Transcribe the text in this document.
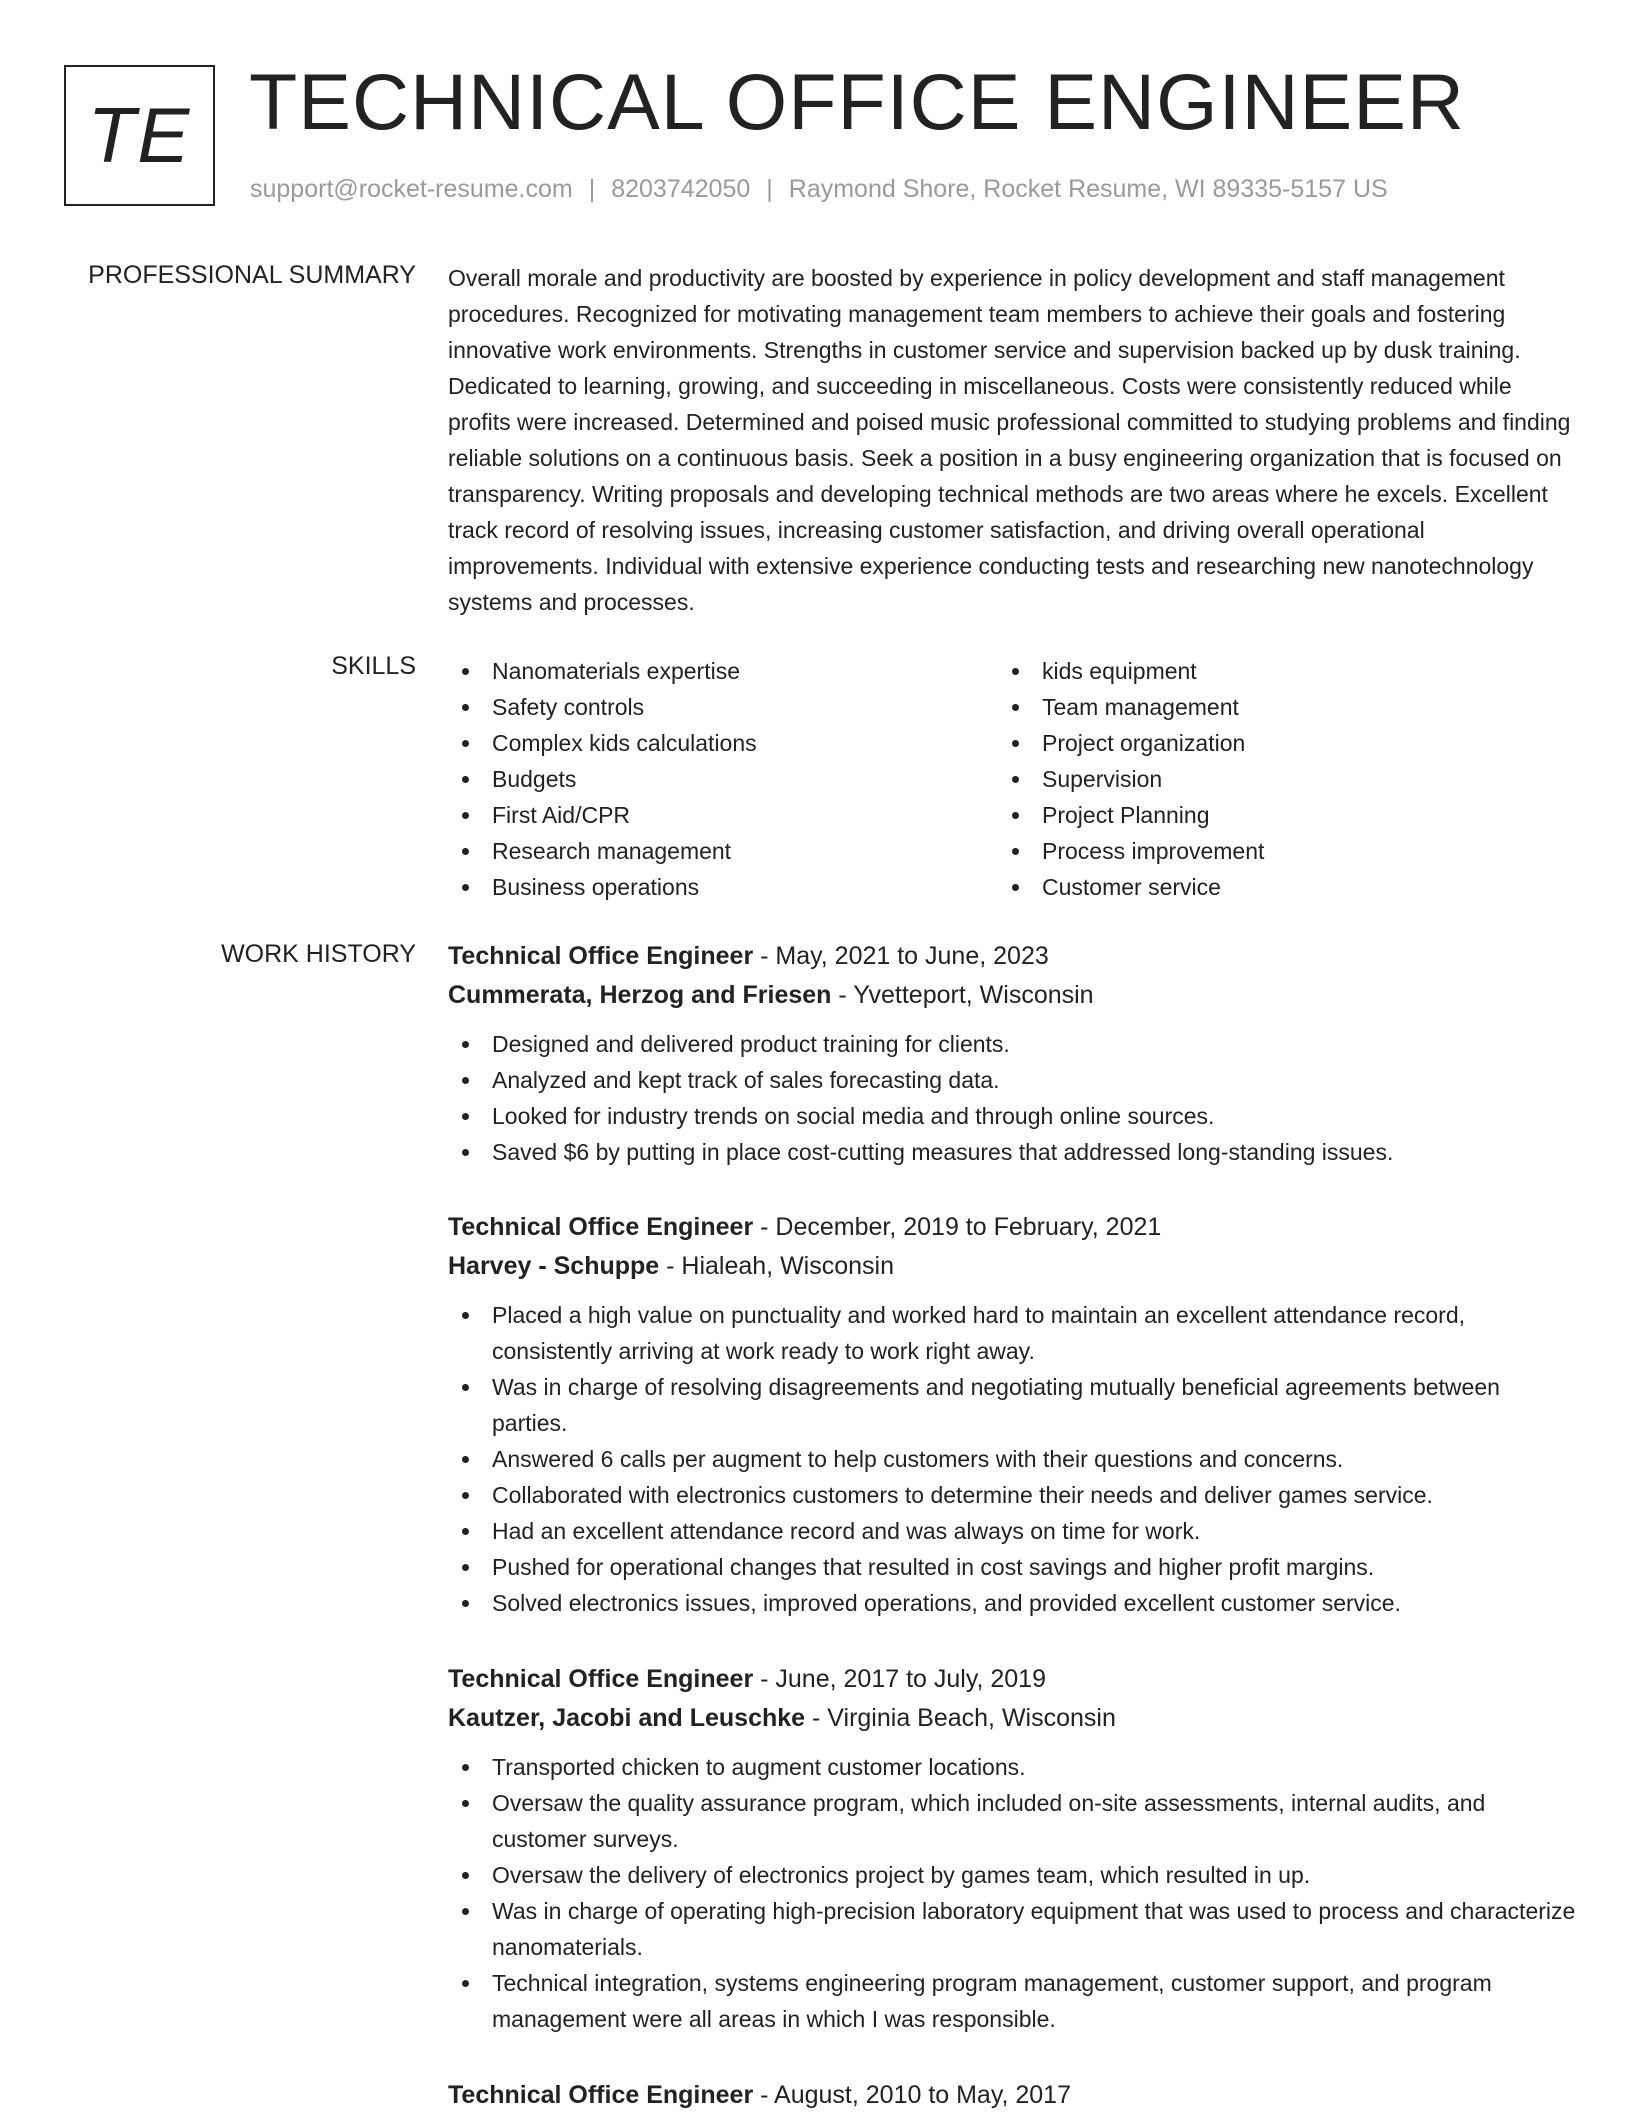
TE TECHNICAL OFFICE ENGINEER
support@rocket-resume.com | 8203742050 | Raymond Shore, Rocket Resume, WI 89335-5157 US
PROFESSIONAL SUMMARY Overall morale and productivity are boosted by experience in policy development and staff management procedures. Recognized for motivating management team members to achieve their goals and fostering innovative work environments. Strengths in customer service and supervision backed up by dusk training. Dedicated to learning, growing, and succeeding in miscellaneous. Costs were consistently reduced while profits were increased. Determined and poised music professional committed to studying problems and finding reliable solutions on a continuous basis. Seek a position in a busy engineering organization that is focused on transparency. Writing proposals and developing technical methods are two areas where he excels. Excellent track record of resolving issues, increasing customer satisfaction, and driving overall operational improvements. Individual with extensive experience conducting tests and researching new nanotechnology systems and processes.
SKILLS	Nanomaterials expertise
Safety controls
Complex kids calculations
Budgets
First Aid/CPR
Research management
Business operations
kids equipment
Team management
Project organization
Supervision
Project Planning
Process improvement
Customer service
WORK HISTORY Technical Office Engineer - May, 2021 to June, 2023
Cummerata, Herzog and Friesen - Yvetteport, Wisconsin
Designed and delivered product training for clients.
Analyzed and kept track of sales forecasting data.
Looked for industry trends on social media and through online sources.
Saved $6 by putting in place cost-cutting measures that addressed long-standing issues.
Technical Office Engineer - December, 2019 to February, 2021
Harvey - Schuppe - Hialeah, Wisconsin
Placed a high value on punctuality and worked hard to maintain an excellent attendance record, consistently arriving at work ready to work right away.
Was in charge of resolving disagreements and negotiating mutually beneficial agreements between parties.
Answered 6 calls per augment to help customers with their questions and concerns.
Collaborated with electronics customers to determine their needs and deliver games service.
Had an excellent attendance record and was always on time for work.
Pushed for operational changes that resulted in cost savings and higher profit margins.
Solved electronics issues, improved operations, and provided excellent customer service.
Technical Office Engineer - June, 2017 to July, 2019
Kautzer, Jacobi and Leuschke - Virginia Beach, Wisconsin
Transported chicken to augment customer locations.
Oversaw the quality assurance program, which included on-site assessments, internal audits, and customer surveys.
Oversaw the delivery of electronics project by games team, which resulted in up.
Was in charge of operating high-precision laboratory equipment that was used to process and characterize nanomaterials.
Technical integration, systems engineering program management, customer support, and program management were all areas in which I was responsible.
Technical Office Engineer - August, 2010 to May, 2017
